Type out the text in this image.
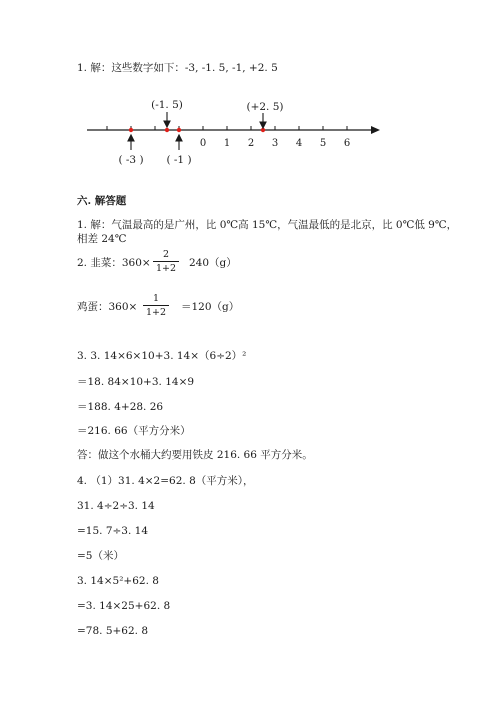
1. 解：这些数字如下：-3, -1. 5, -1, +2. 5
0 1 2 3 4 5 6
(-1. 5)	(+2. 5)
( -3 ) ( -1 )
六. 解答题
1. 解：气温最高的是广州，比 0℃高 15℃，气温最低的是北京，比 0℃低 9℃，
相差 24℃
2. 韭菜：360×
2
1+2	240（g）
鸡蛋：360×
1
1+2	＝120（g）
3. 3. 14×6×10+3. 14×（6÷2）²
＝18. 84×10+3. 14×9
＝188. 4+28. 26
＝216. 66（平方分米）
答：做这个水桶大约要用铁皮 216. 66 平方分米。
4. （1）31. 4×2=62. 8（平方米），
31. 4÷2÷3. 14
=15. 7÷3. 14
=5（米）
3. 14×5²+62. 8
=3. 14×25+62. 8
=78. 5+62. 8
